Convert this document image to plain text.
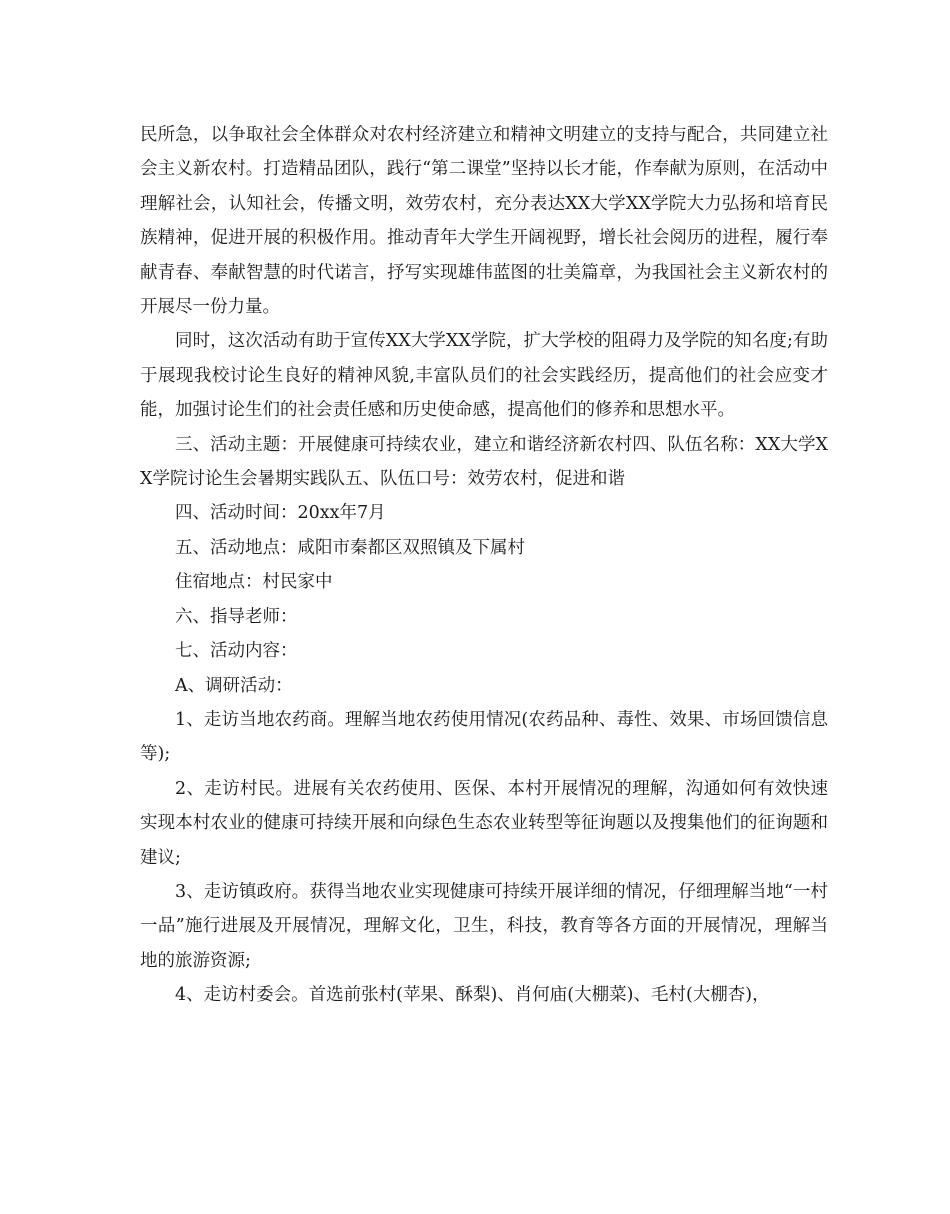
民所急，以争取社会全体群众对农村经济建立和精神文明建立的支持与配合，共同建立社会主义新农村。打造精品团队，践行“第二课堂”坚持以长才能，作奉献为原则，在活动中理解社会，认知社会，传播文明，效劳农村，充分表达XX大学XX学院大力弘扬和培育民族精神，促进开展的积极作用。推动青年大学生开阔视野，增长社会阅历的进程，履行奉献青春、奉献智慧的时代诺言，抒写实现雄伟蓝图的壮美篇章，为我国社会主义新农村的开展尽一份力量。

同时，这次活动有助于宣传XX大学XX学院，扩大学校的阻碍力及学院的知名度;有助于展现我校讨论生良好的精神风貌,丰富队员们的社会实践经历，提高他们的社会应变才能，加强讨论生们的社会责任感和历史使命感，提高他们的修养和思想水平。

三、活动主题：开展健康可持续农业，建立和谐经济新农村四、队伍名称：XX大学XX学院讨论生会暑期实践队五、队伍口号：效劳农村，促进和谐

四、活动时间：20xx年7月

五、活动地点：咸阳市秦都区双照镇及下属村

住宿地点：村民家中

六、指导老师：

七、活动内容：

A、调研活动：

1、走访当地农药商。理解当地农药使用情况(农药品种、毒性、效果、市场回馈信息等);

2、走访村民。进展有关农药使用、医保、本村开展情况的理解，沟通如何有效快速实现本村农业的健康可持续开展和向绿色生态农业转型等征询题以及搜集他们的征询题和建议;

3、走访镇政府。获得当地农业实现健康可持续开展详细的情况，仔细理解当地“一村一品”施行进展及开展情况，理解文化，卫生，科技，教育等各方面的开展情况，理解当地的旅游资源;

4、走访村委会。首选前张村(苹果、酥梨)、肖何庙(大棚菜)、毛村(大棚杏)，
